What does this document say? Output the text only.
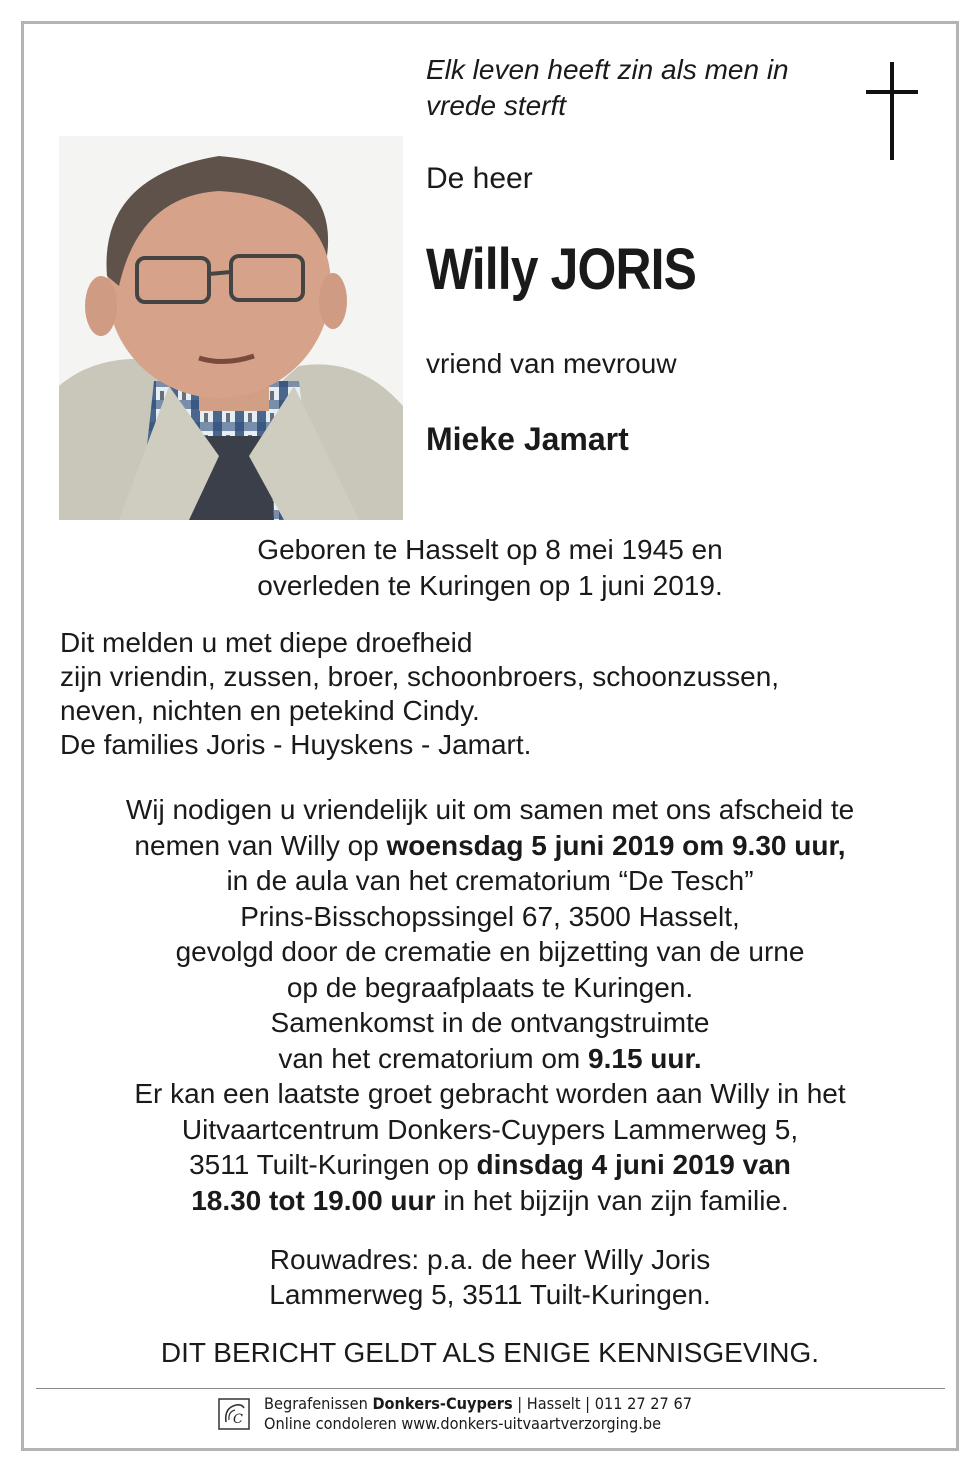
Elk leven heeft zin als men in
vrede sterft
De heer
Willy JORIS
vriend van mevrouw
Mieke Jamart
Geboren te Hasselt op 8 mei 1945 en
overleden te Kuringen op 1 juni 2019.
Dit melden u met diepe droefheid
zijn vriendin, zussen, broer, schoonbroers, schoonzussen,
neven, nichten en petekind Cindy.
De families Joris - Huyskens - Jamart.
Wij nodigen u vriendelijk uit om samen met ons afscheid te
nemen van Willy op woensdag 5 juni 2019 om 9.30 uur,
in de aula van het crematorium “De Tesch”
Prins-Bisschopssingel 67, 3500 Hasselt,
gevolgd door de crematie en bijzetting van de urne
op de begraafplaats te Kuringen.
Samenkomst in de ontvangstruimte
van het crematorium om 9.15 uur.
Er kan een laatste groet gebracht worden aan Willy in het
Uitvaartcentrum Donkers-Cuypers Lammerweg 5,
3511 Tuilt-Kuringen op dinsdag 4 juni 2019 van
18.30 tot 19.00 uur in het bijzijn van zijn familie.
Rouwadres: p.a. de heer Willy Joris
Lammerweg 5, 3511 Tuilt-Kuringen.
DIT BERICHT GELDT ALS ENIGE KENNISGEVING.
C
Begrafenissen Donkers-Cuypers | Hasselt | 011 27 27 67
Online condoleren www.donkers-uitvaartverzorging.be
